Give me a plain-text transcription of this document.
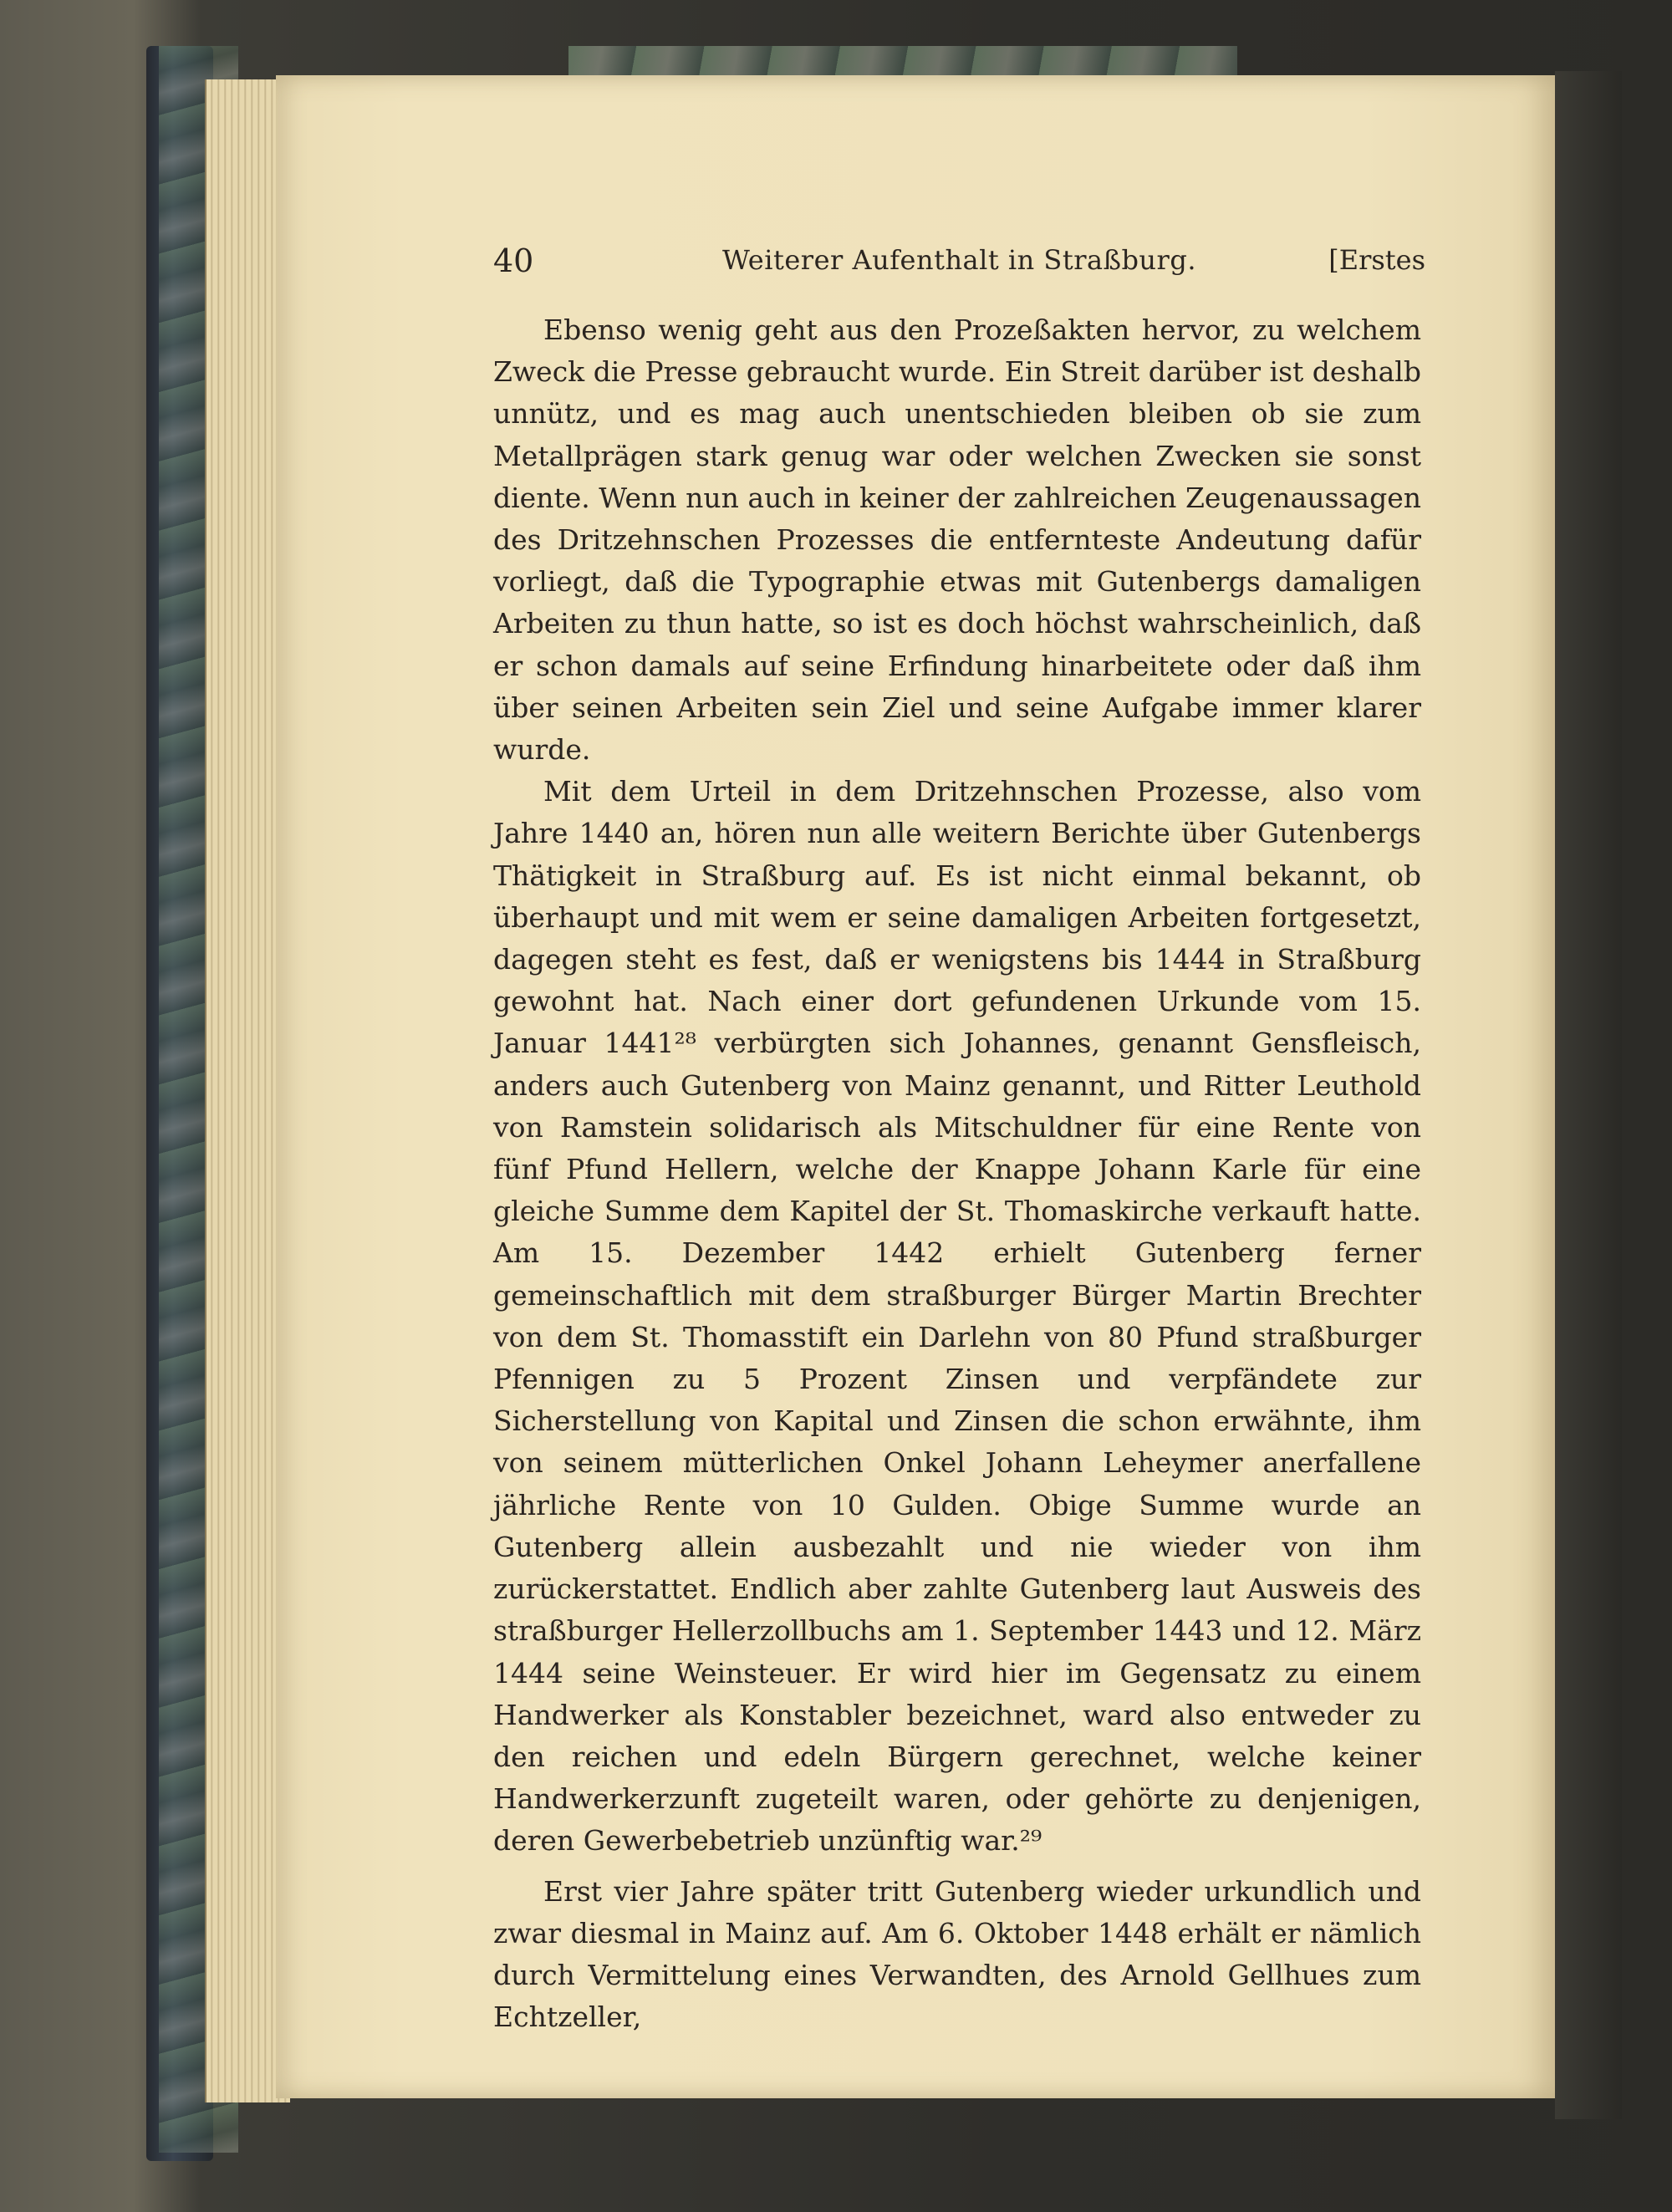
40	Weiterer Aufenthalt in Straßburg.	[Erstes

Ebenso wenig geht aus den Prozeßakten hervor, zu welchem Zweck die Presse gebraucht wurde. Ein Streit darüber ist deshalb unnütz, und es mag auch unentschieden bleiben ob sie zum Metallprägen stark genug war oder welchen Zwecken sie sonst diente. Wenn nun auch in keiner der zahlreichen Zeugenaussagen des Dritzehnschen Prozesses die entfernteste Andeutung dafür vorliegt, daß die Typographie etwas mit Gutenbergs damaligen Arbeiten zu thun hatte, so ist es doch höchst wahrscheinlich, daß er schon damals auf seine Erfindung hinarbeitete oder daß ihm über seinen Arbeiten sein Ziel und seine Aufgabe immer klarer wurde.

Mit dem Urteil in dem Dritzehnschen Prozesse, also vom Jahre 1440 an, hören nun alle weitern Berichte über Gutenbergs Thätigkeit in Straßburg auf. Es ist nicht einmal bekannt, ob überhaupt und mit wem er seine damaligen Arbeiten fortgesetzt, dagegen steht es fest, daß er wenigstens bis 1444 in Straßburg gewohnt hat. Nach einer dort gefundenen Urkunde vom 15. Januar 1441²⁸ verbürgten sich Johannes, genannt Gensfleisch, anders auch Gutenberg von Mainz genannt, und Ritter Leuthold von Ramstein solidarisch als Mitschuldner für eine Rente von fünf Pfund Hellern, welche der Knappe Johann Karle für eine gleiche Summe dem Kapitel der St. Thomaskirche verkauft hatte. Am 15. Dezember 1442 erhielt Gutenberg ferner gemeinschaftlich mit dem straßburger Bürger Martin Brechter von dem St. Thomasstift ein Darlehn von 80 Pfund straßburger Pfennigen zu 5 Prozent Zinsen und verpfändete zur Sicherstellung von Kapital und Zinsen die schon erwähnte, ihm von seinem mütterlichen Onkel Johann Leheymer anerfallene jährliche Rente von 10 Gulden. Obige Summe wurde an Gutenberg allein ausbezahlt und nie wieder von ihm zurückerstattet. Endlich aber zahlte Gutenberg laut Ausweis des straßburger Hellerzollbuchs am 1. September 1443 und 12. März 1444 seine Weinsteuer. Er wird hier im Gegensatz zu einem Handwerker als Konstabler bezeichnet, ward also entweder zu den reichen und edeln Bürgern gerechnet, welche keiner Handwerkerzunft zugeteilt waren, oder gehörte zu denjenigen, deren Gewerbebetrieb unzünftig war.²⁹

Erst vier Jahre später tritt Gutenberg wieder urkundlich und zwar diesmal in Mainz auf. Am 6. Oktober 1448 erhält er nämlich durch Vermittelung eines Verwandten, des Arnold Gellhues zum Echtzeller,
